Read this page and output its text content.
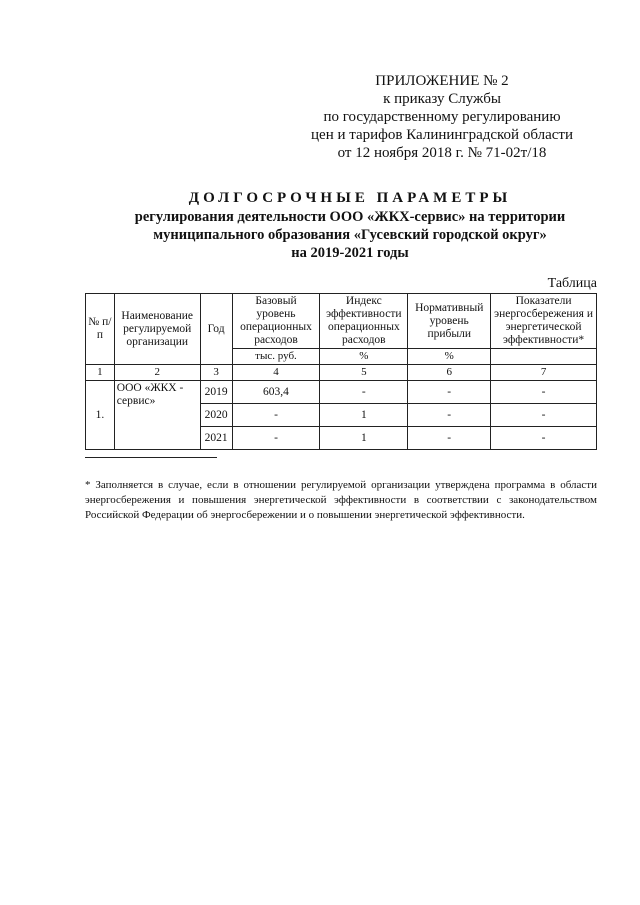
ПРИЛОЖЕНИЕ № 2
к приказу Службы
по государственному регулированию
цен и тарифов Калининградской области
от 12 ноября 2018 г. № 71-02т/18
ДОЛГОСРОЧНЫЕ ПАРАМЕТРЫ
регулирования деятельности ООО «ЖКХ-сервис» на территории
муниципального образования «Гусевский городской округ»
на 2019-2021 годы
Таблица
№ п/п	Наименование регулируемой организации	Год	Базовый уровень операционных расходов	Индекс эффективности операционных расходов	Нормативный уровень прибыли	Показатели энергосбережения и энергетической эффективности*
			тыс. руб.	%	%	
1	2	3	4	5	6	7
1.	ООО «ЖКХ - сервис»	2019	603,4	-	-	-
		2020	-	1	-	-
		2021	-	1	-	-
* Заполняется в случае, если в отношении регулируемой организации утверждена программа в области энергосбережения и повышения энергетической эффективности в соответствии с законодательством Российской Федерации об энергосбережении и о повышении энергетической эффективности.
